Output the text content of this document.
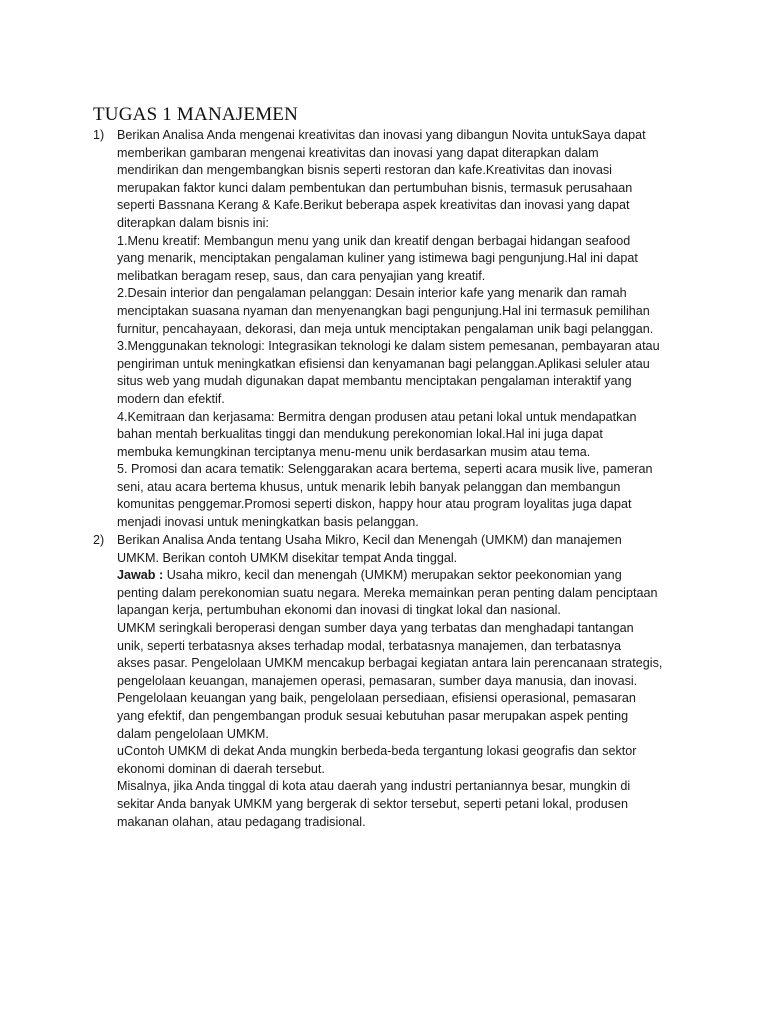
TUGAS 1 MANAJEMEN
1) Berikan Analisa Anda mengenai kreativitas dan inovasi yang dibangun Novita untukSaya dapat
memberikan gambaran mengenai kreativitas dan inovasi yang dapat diterapkan dalam
mendirikan dan mengembangkan bisnis seperti restoran dan kafe.Kreativitas dan inovasi
merupakan faktor kunci dalam pembentukan dan pertumbuhan bisnis, termasuk perusahaan
seperti Bassnana Kerang & Kafe.Berikut beberapa aspek kreativitas dan inovasi yang dapat
diterapkan dalam bisnis ini:
1.Menu kreatif: Membangun menu yang unik dan kreatif dengan berbagai hidangan seafood
yang menarik, menciptakan pengalaman kuliner yang istimewa bagi pengunjung.Hal ini dapat
melibatkan beragam resep, saus, dan cara penyajian yang kreatif.
2.Desain interior dan pengalaman pelanggan: Desain interior kafe yang menarik dan ramah
menciptakan suasana nyaman dan menyenangkan bagi pengunjung.Hal ini termasuk pemilihan
furnitur, pencahayaan, dekorasi, dan meja untuk menciptakan pengalaman unik bagi pelanggan.
3.Menggunakan teknologi: Integrasikan teknologi ke dalam sistem pemesanan, pembayaran atau
pengiriman untuk meningkatkan efisiensi dan kenyamanan bagi pelanggan.Aplikasi seluler atau
situs web yang mudah digunakan dapat membantu menciptakan pengalaman interaktif yang
modern dan efektif.
4.Kemitraan dan kerjasama: Bermitra dengan produsen atau petani lokal untuk mendapatkan
bahan mentah berkualitas tinggi dan mendukung perekonomian lokal.Hal ini juga dapat
membuka kemungkinan terciptanya menu-menu unik berdasarkan musim atau tema.
5. Promosi dan acara tematik: Selenggarakan acara bertema, seperti acara musik live, pameran
seni, atau acara bertema khusus, untuk menarik lebih banyak pelanggan dan membangun
komunitas penggemar.Promosi seperti diskon, happy hour atau program loyalitas juga dapat
menjadi inovasi untuk meningkatkan basis pelanggan.
2) Berikan Analisa Anda tentang Usaha Mikro, Kecil dan Menengah (UMKM) dan manajemen
UMKM. Berikan contoh UMKM disekitar tempat Anda tinggal.
Jawab : Usaha mikro, kecil dan menengah (UMKM) merupakan sektor peekonomian yang
penting dalam perekonomian suatu negara. Mereka memainkan peran penting dalam penciptaan
lapangan kerja, pertumbuhan ekonomi dan inovasi di tingkat lokal dan nasional.
UMKM seringkali beroperasi dengan sumber daya yang terbatas dan menghadapi tantangan
unik, seperti terbatasnya akses terhadap modal, terbatasnya manajemen, dan terbatasnya
akses pasar. Pengelolaan UMKM mencakup berbagai kegiatan antara lain perencanaan strategis,
pengelolaan keuangan, manajemen operasi, pemasaran, sumber daya manusia, dan inovasi.
Pengelolaan keuangan yang baik, pengelolaan persediaan, efisiensi operasional, pemasaran
yang efektif, dan pengembangan produk sesuai kebutuhan pasar merupakan aspek penting
dalam pengelolaan UMKM.
uContoh UMKM di dekat Anda mungkin berbeda-beda tergantung lokasi geografis dan sektor
ekonomi dominan di daerah tersebut.
Misalnya, jika Anda tinggal di kota atau daerah yang industri pertaniannya besar, mungkin di
sekitar Anda banyak UMKM yang bergerak di sektor tersebut, seperti petani lokal, produsen
makanan olahan, atau pedagang tradisional.
